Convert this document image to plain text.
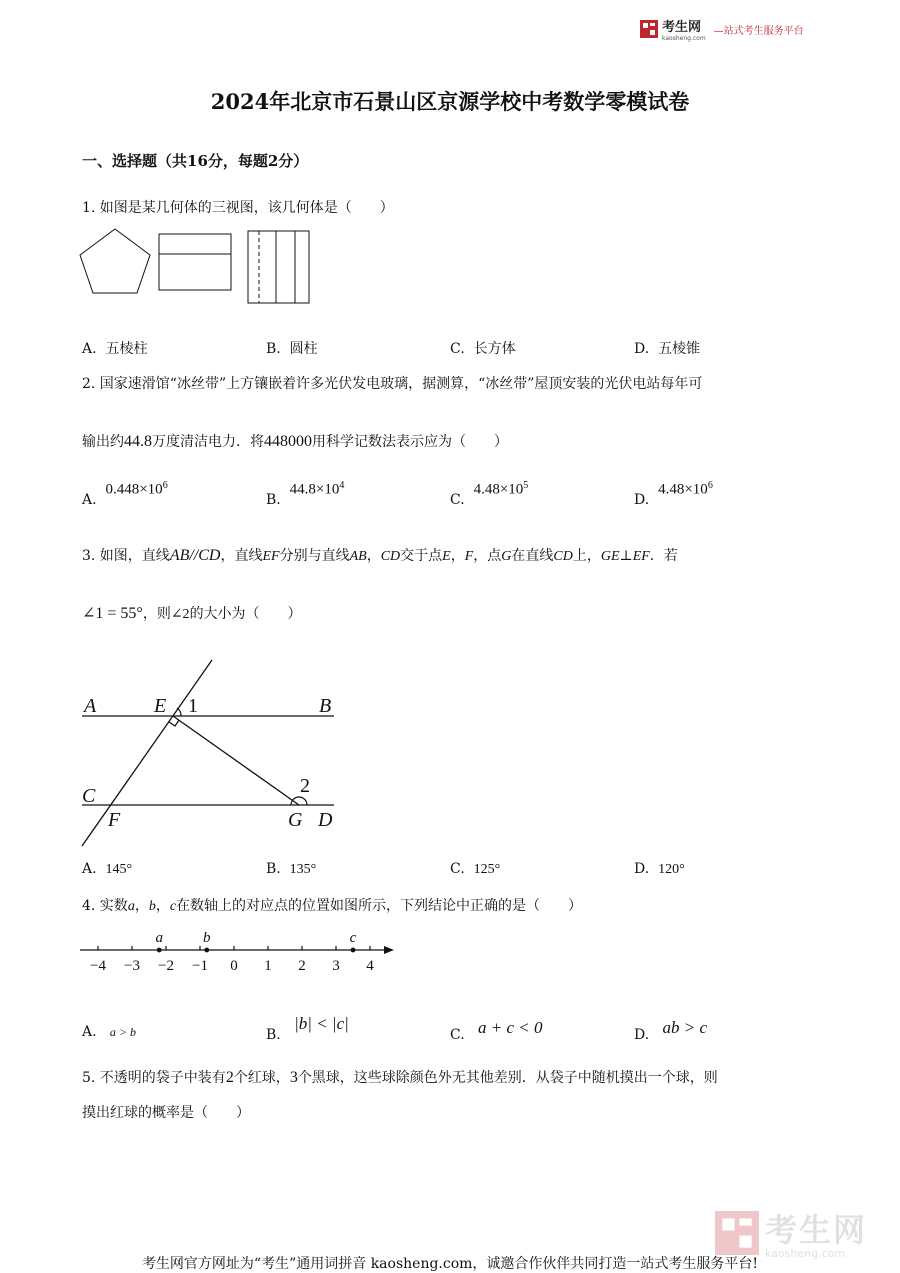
考生网
kaosheng.com
—站式考生服务平台
2024年北京市石景山区京源学校中考数学零模试卷
一、选择题（共16分，每题2分）
1. 如图是某几何体的三视图，该几何体是（　　）
A. 五棱柱	B. 圆柱	C. 长方体	D. 五棱锥
2. 国家速滑馆“冰丝带”上方镶嵌着许多光伏发电玻璃，据测算，“冰丝带”屋顶安装的光伏电站每年可
输出约44.8万度清洁电力．将448000用科学记数法表示应为（　　）
A.  $0.448\times 10^6$
B.  $44.8\times 10^4$
C.  $4.48\times 10^5$
D.  $4.48\times 10^6$
3. 如图，直线AB//CD，直线EF分别与直线AB，CD交于点E，F，点G在直线CD上，GE⊥EF．若
∠1 = 55°，则∠2的大小为（　　）
A	E	B
C
F	G D
1
2
A. 145°	B. 135°	C. 125°	D. 120°
4. 实数a，b，c在数轴上的对应点的位置如图所示，下列结论中正确的是（　　）
−4 −3 −2 −1 0 1 2 3 4
a	b	c
A. a > b	B.   |b| < |c|
C. a + c < 0	D. ab > c
5. 不透明的袋子中装有2个红球，3个黑球，这些球除颜色外无其他差别．从袋子中随机摸出一个球，则
摸出红球的概率是（　　）
考生网
kaosheng.com
考生网官方网址为“考生”通用词拼音 kaosheng.com，诚邀合作伙伴共同打造一站式考生服务平台!
